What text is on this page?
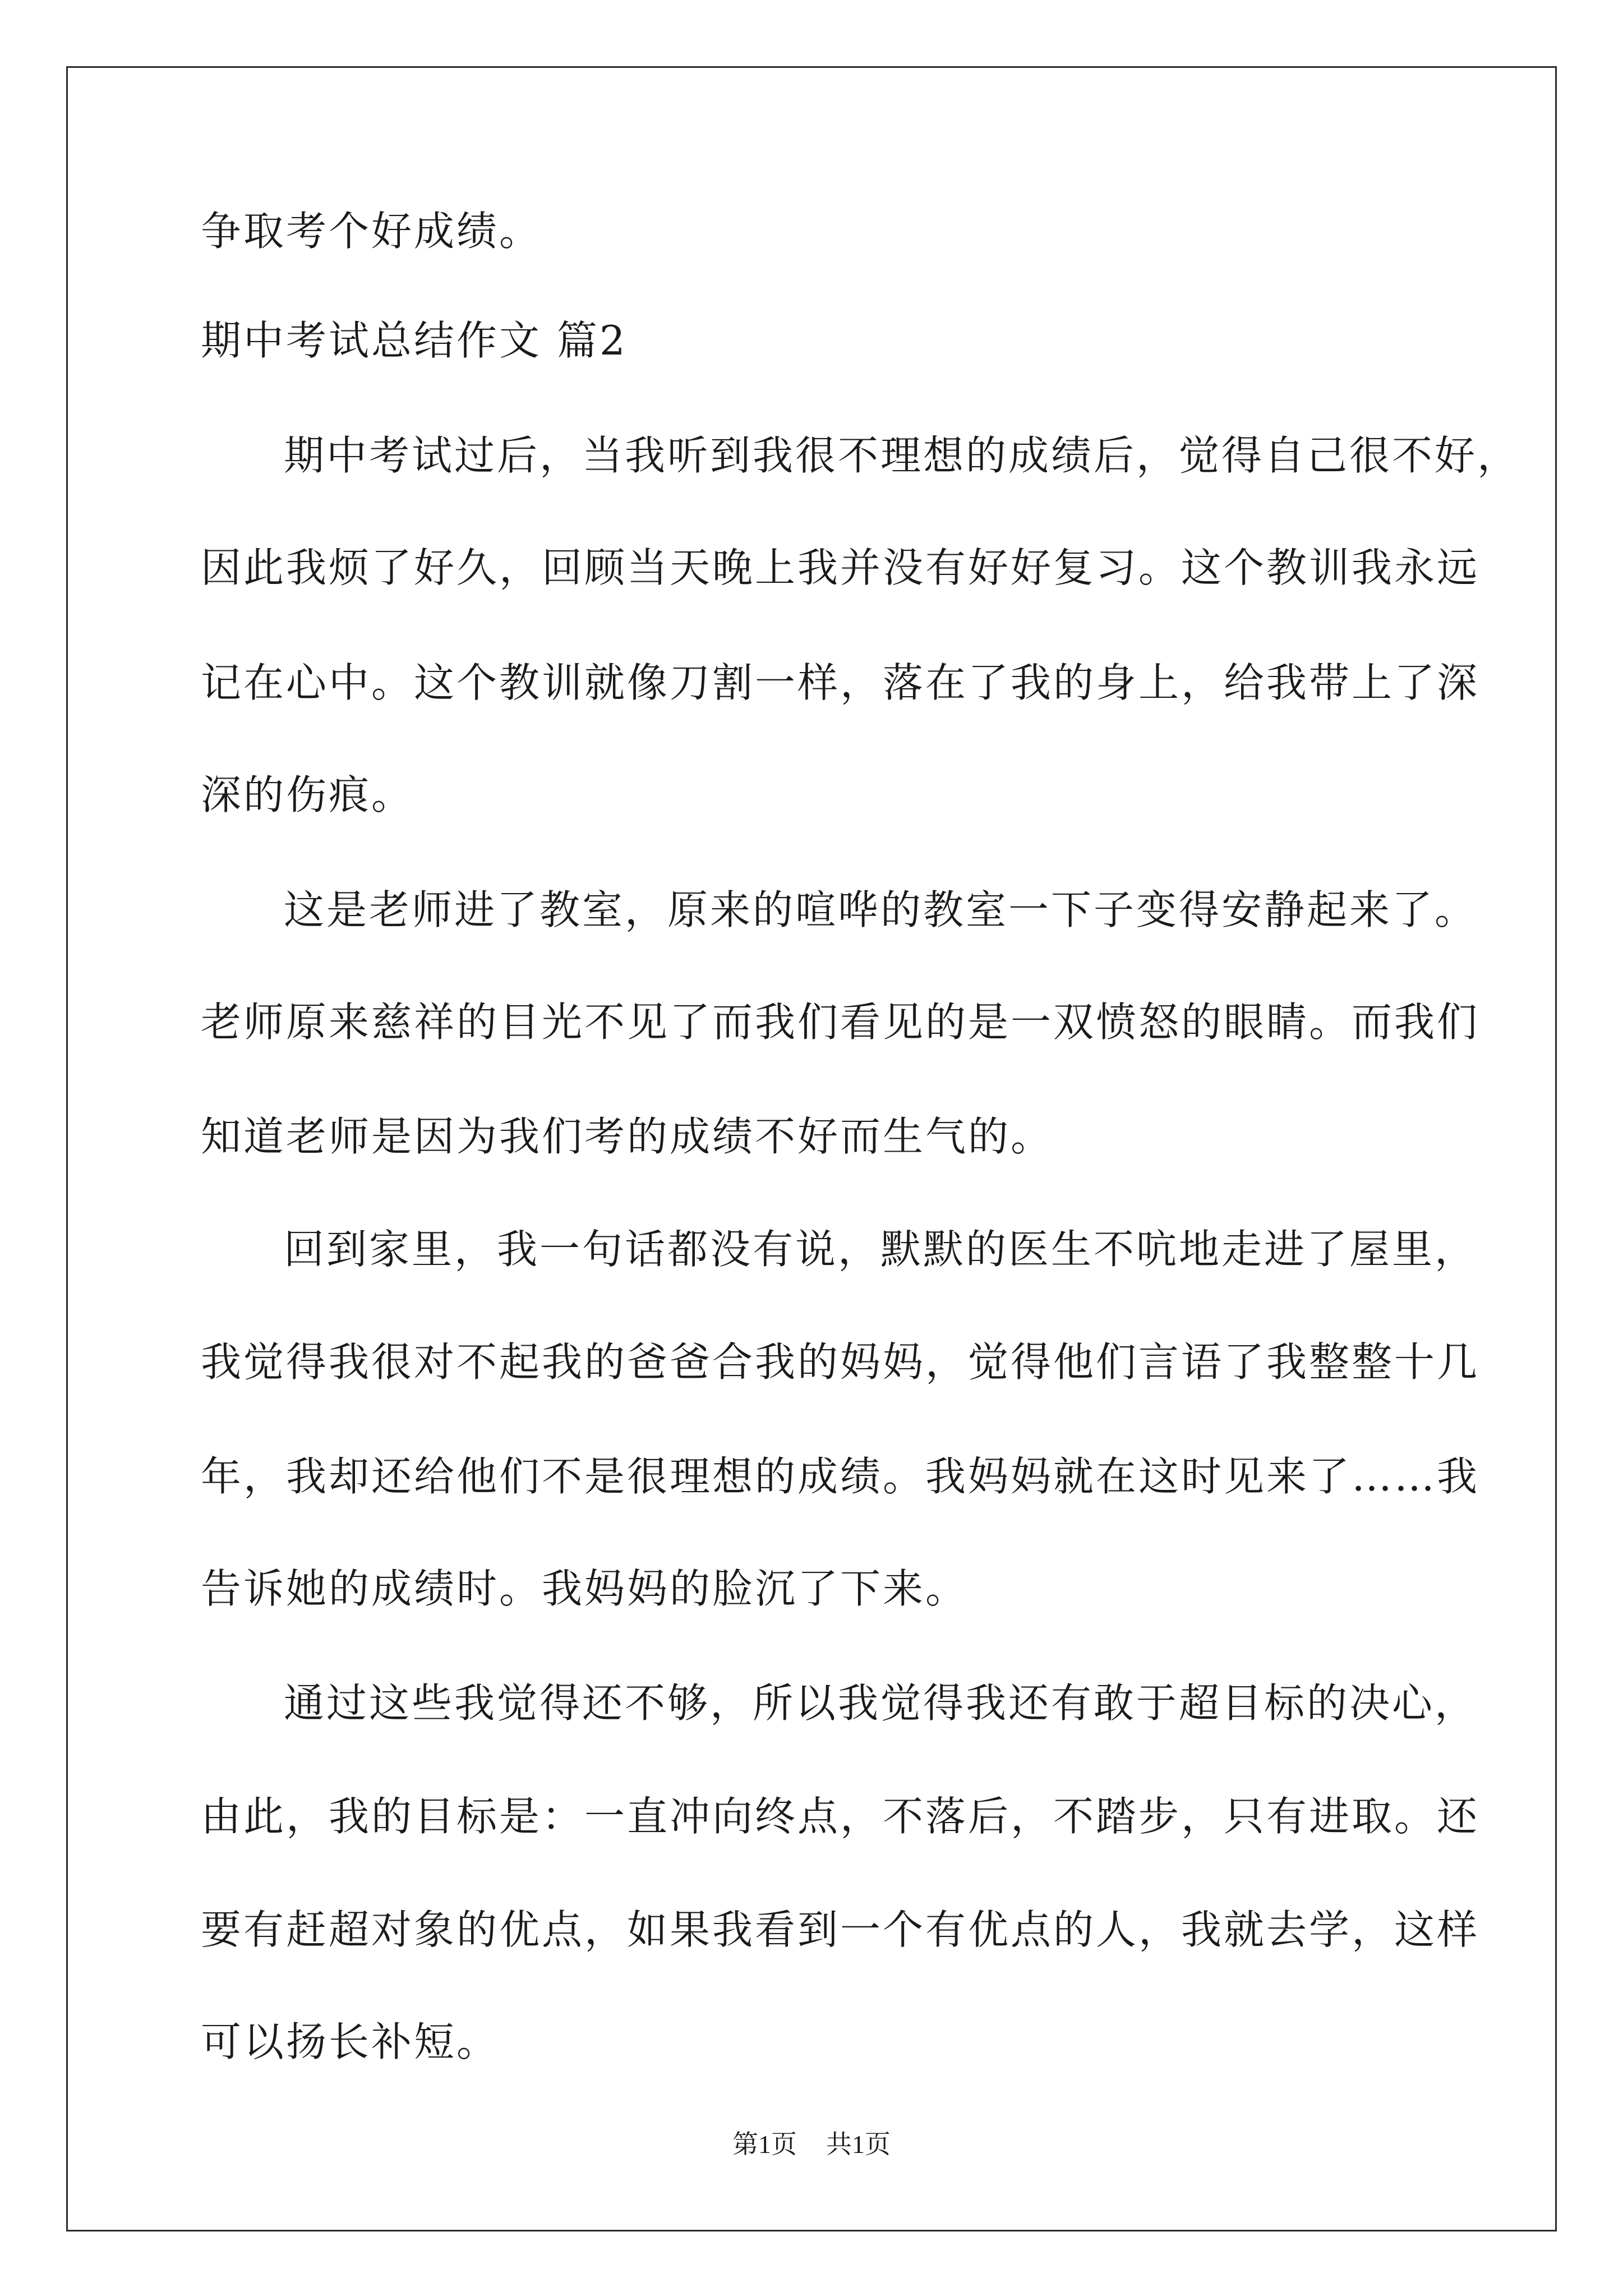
争取考个好成绩。
期中考试总结作文 篇2
期中考试过后，当我听到我很不理想的成绩后，觉得自己很不好，
因此我烦了好久，回顾当天晚上我并没有好好复习。这个教训我永远
记在心中。这个教训就像刀割一样，落在了我的身上，给我带上了深
深的伤痕。
这是老师进了教室，原来的喧哗的教室一下子变得安静起来了。
老师原来慈祥的目光不见了而我们看见的是一双愤怒的眼睛。而我们
知道老师是因为我们考的成绩不好而生气的。
回到家里，我一句话都没有说，默默的医生不吭地走进了屋里，
我觉得我很对不起我的爸爸合我的妈妈，觉得他们言语了我整整十几
年，我却还给他们不是很理想的成绩。我妈妈就在这时见来了……我
告诉她的成绩时。我妈妈的脸沉了下来。
通过这些我觉得还不够，所以我觉得我还有敢于超目标的决心，
由此，我的目标是：一直冲向终点，不落后，不踏步，只有进取。还
要有赶超对象的优点，如果我看到一个有优点的人，我就去学，这样
可以扬长补短。
第1页 共1页
